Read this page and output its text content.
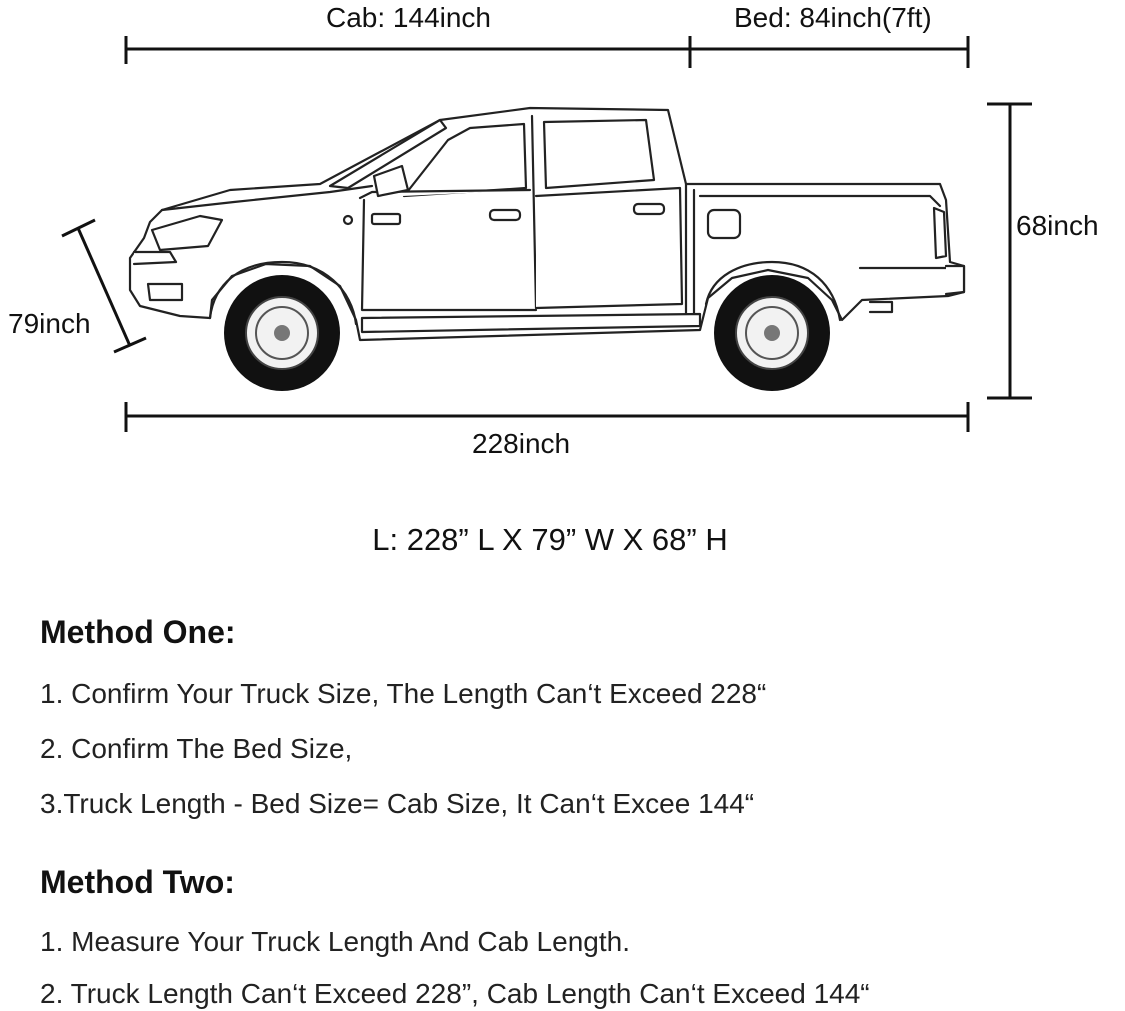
Cab: 144inch	Bed: 84inch(7ft)
68inch
79inch
228inch
L: 228” L X 79” W X 68” H
Method One:
1. Confirm Your Truck Size, The Length Can‘t Exceed 228“
2. Confirm The Bed Size,
3.Truck Length - Bed Size= Cab Size, It Can‘t Excee 144“
Method Two:
1. Measure Your Truck Length And Cab Length.
2. Truck Length Can‘t Exceed 228”, Cab Length Can‘t Exceed 144“
